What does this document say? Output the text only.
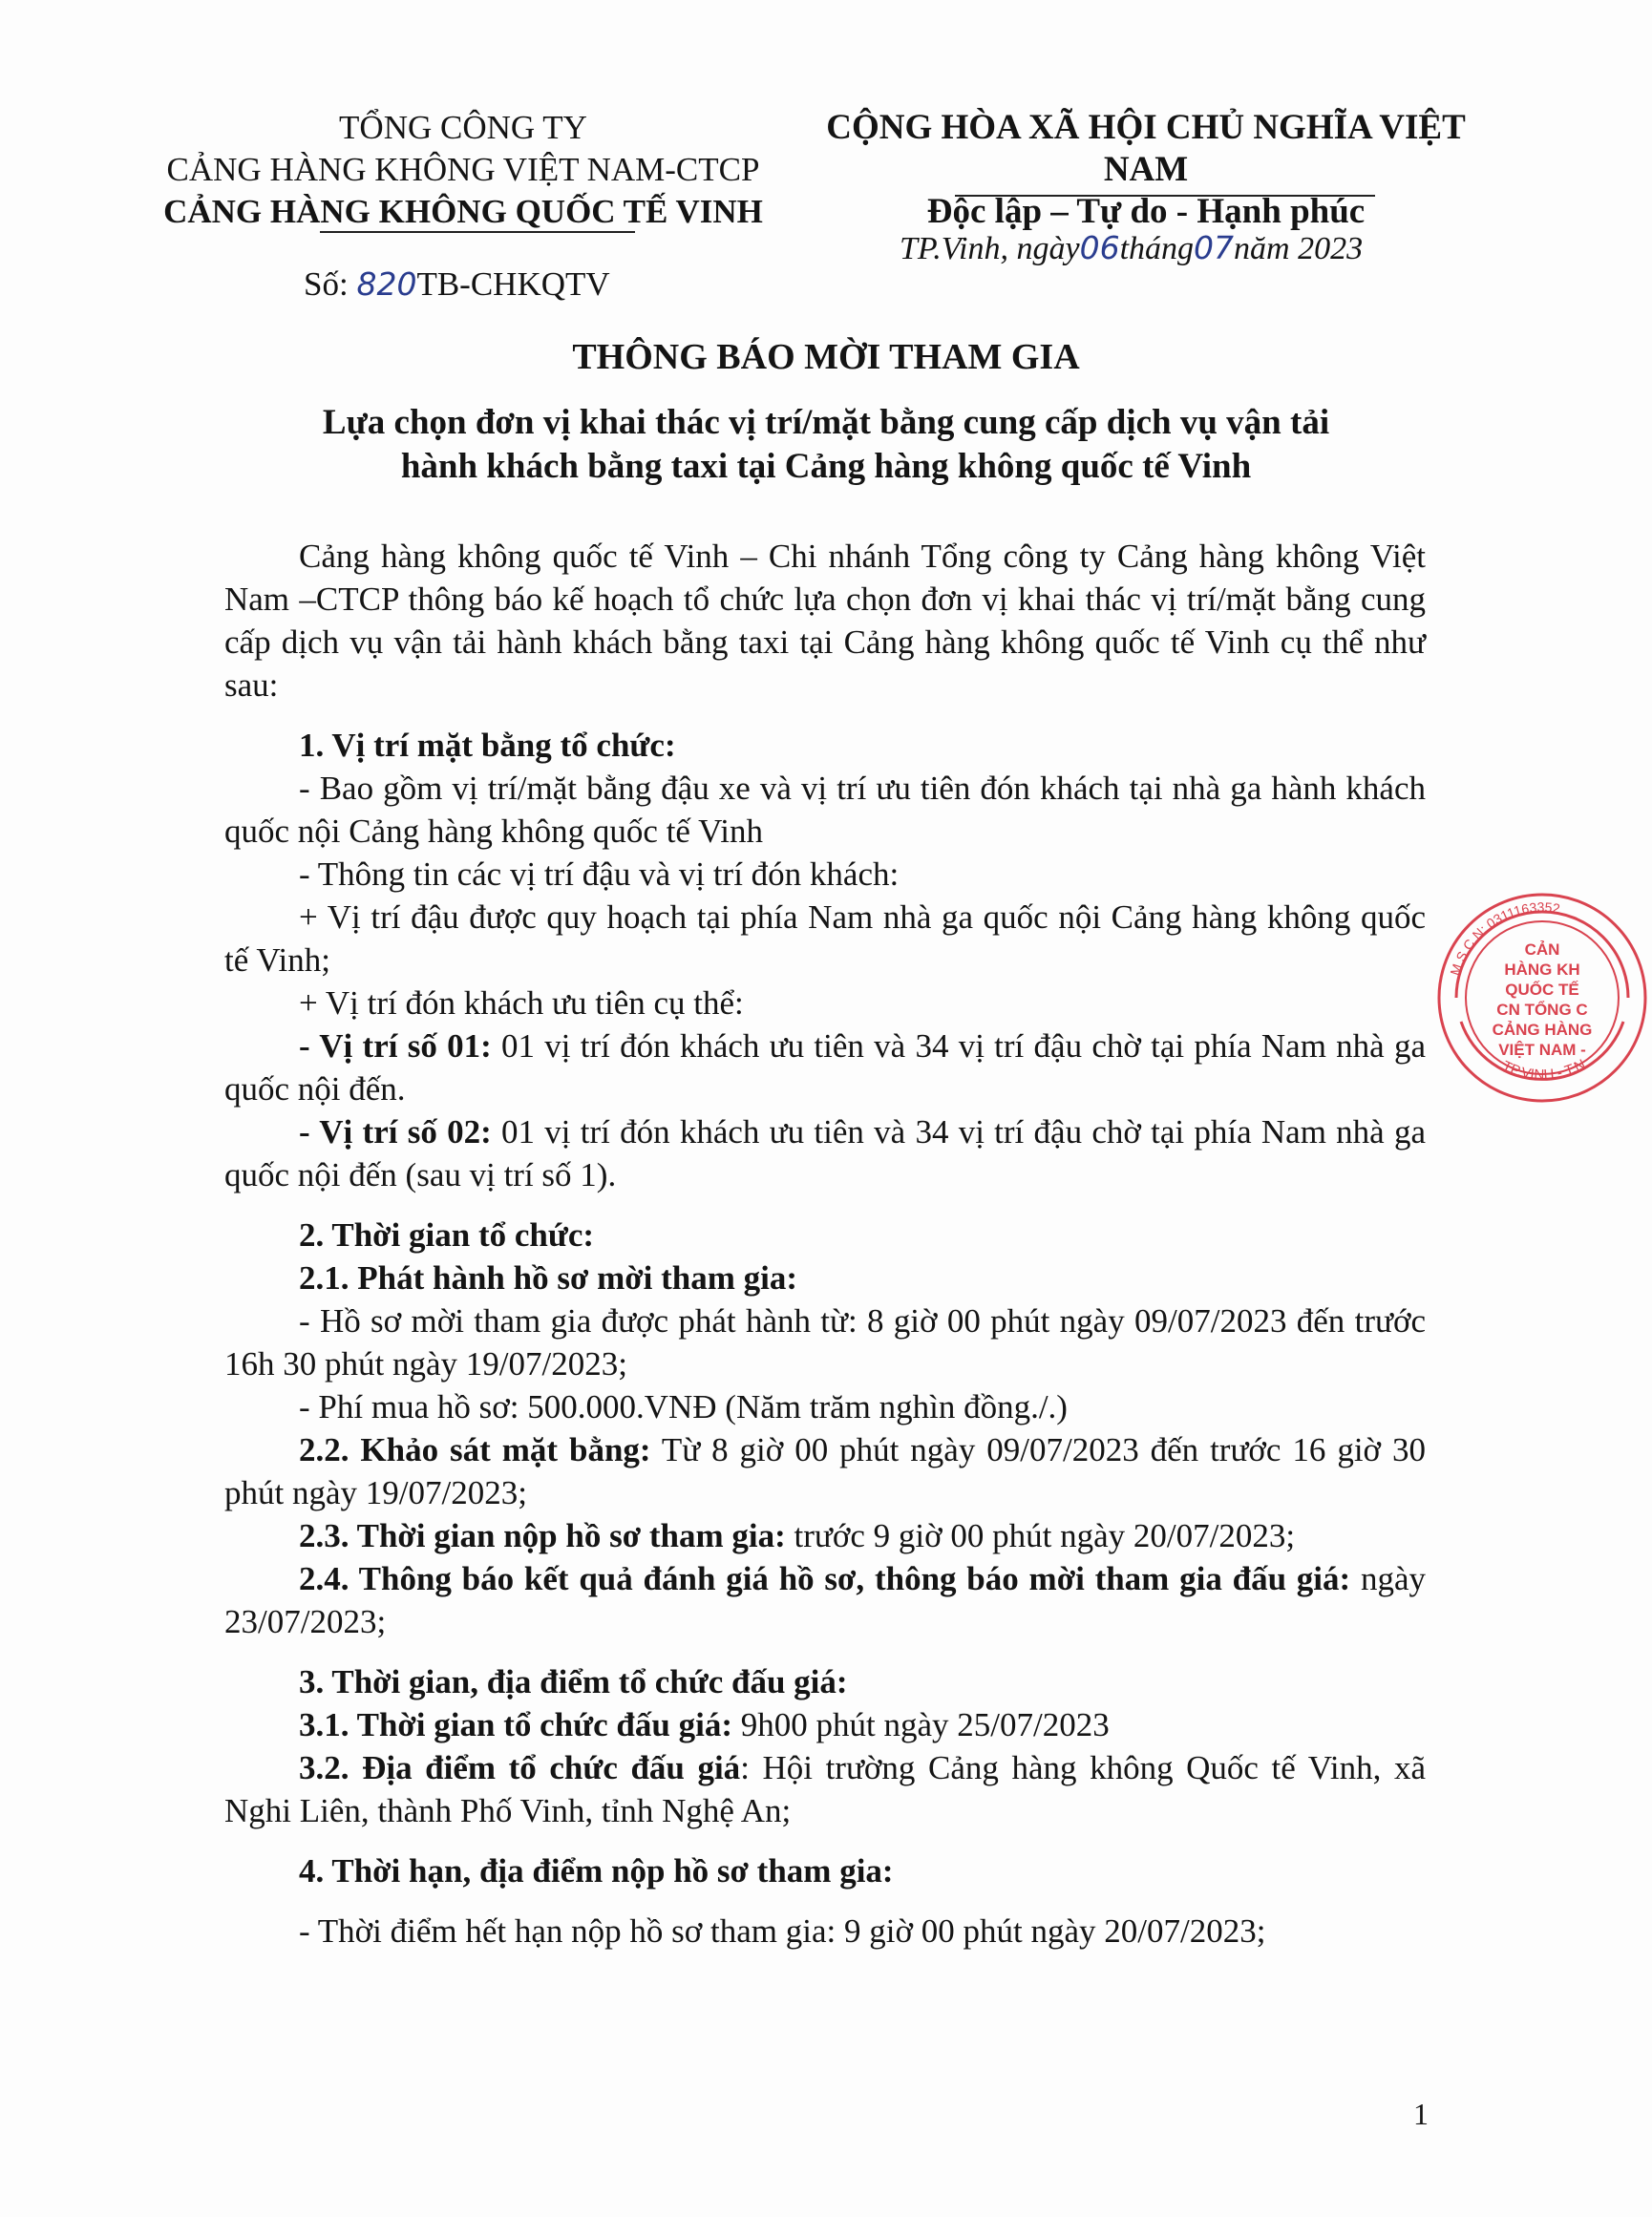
TỔNG CÔNG TY
CẢNG HÀNG KHÔNG VIỆT NAM-CTCP
CẢNG HÀNG KHÔNG QUỐC TẾ VINH
CỘNG HÒA XÃ HỘI CHỦ NGHĨA VIỆT NAM
Độc lập – Tự do - Hạnh phúc
Số: 820TB-CHKQTV
TP.Vinh, ngày06tháng07năm 2023
THÔNG BÁO MỜI THAM GIA
Lựa chọn đơn vị khai thác vị trí/mặt bằng cung cấp dịch vụ vận tải
hành khách bằng taxi tại Cảng hàng không quốc tế Vinh

Cảng hàng không quốc tế Vinh – Chi nhánh Tổng công ty Cảng hàng không Việt Nam –CTCP thông báo kế hoạch tổ chức lựa chọn đơn vị khai thác vị trí/mặt bằng cung cấp dịch vụ vận tải hành khách bằng taxi tại Cảng hàng không quốc tế Vinh cụ thể như sau:

1. Vị trí mặt bằng tổ chức:

- Bao gồm vị trí/mặt bằng đậu xe và vị trí ưu tiên đón khách tại nhà ga hành khách quốc nội Cảng hàng không quốc tế Vinh

- Thông tin các vị trí đậu và vị trí đón khách:

+ Vị trí đậu được quy hoạch tại phía Nam nhà ga quốc nội Cảng hàng không quốc tế Vinh;

+ Vị trí đón khách ưu tiên cụ thể:

- Vị trí số 01: 01 vị trí đón khách ưu tiên và 34 vị trí đậu chờ tại phía Nam nhà ga quốc nội đến.

- Vị trí số 02: 01 vị trí đón khách ưu tiên và 34 vị trí đậu chờ tại phía Nam nhà ga quốc nội đến (sau vị trí số 1).

2. Thời gian tổ chức:

2.1. Phát hành hồ sơ mời tham gia:

- Hồ sơ mời tham gia được phát hành từ: 8 giờ 00 phút ngày 09/07/2023 đến trước 16h 30 phút ngày 19/07/2023;

- Phí mua hồ sơ: 500.000.VNĐ (Năm trăm nghìn đồng./.)

2.2. Khảo sát mặt bằng: Từ 8 giờ 00 phút ngày 09/07/2023 đến trước 16 giờ 30 phút ngày 19/07/2023;

2.3. Thời gian nộp hồ sơ tham gia: trước 9 giờ 00 phút ngày 20/07/2023;

2.4. Thông báo kết quả đánh giá hồ sơ, thông báo mời tham gia đấu giá: ngày 23/07/2023;

3. Thời gian, địa điểm tổ chức đấu giá:

3.1. Thời gian tổ chức đấu giá: 9h00 phút ngày 25/07/2023

3.2. Địa điểm tổ chức đấu giá: Hội trường Cảng hàng không Quốc tế Vinh, xã Nghi Liên, thành Phố Vinh, tỉnh Nghệ An;

4. Thời hạn, địa điểm nộp hồ sơ tham gia:

- Thời điểm hết hạn nộp hồ sơ tham gia: 9 giờ 00 phút ngày 20/07/2023;

M.S.C.N: 0311163352
TP.VINH - T.N
CẢN
HÀNG KH
QUỐC TẾ
CN TỔNG C
CẢNG HÀNG
VIỆT NAM -
1
